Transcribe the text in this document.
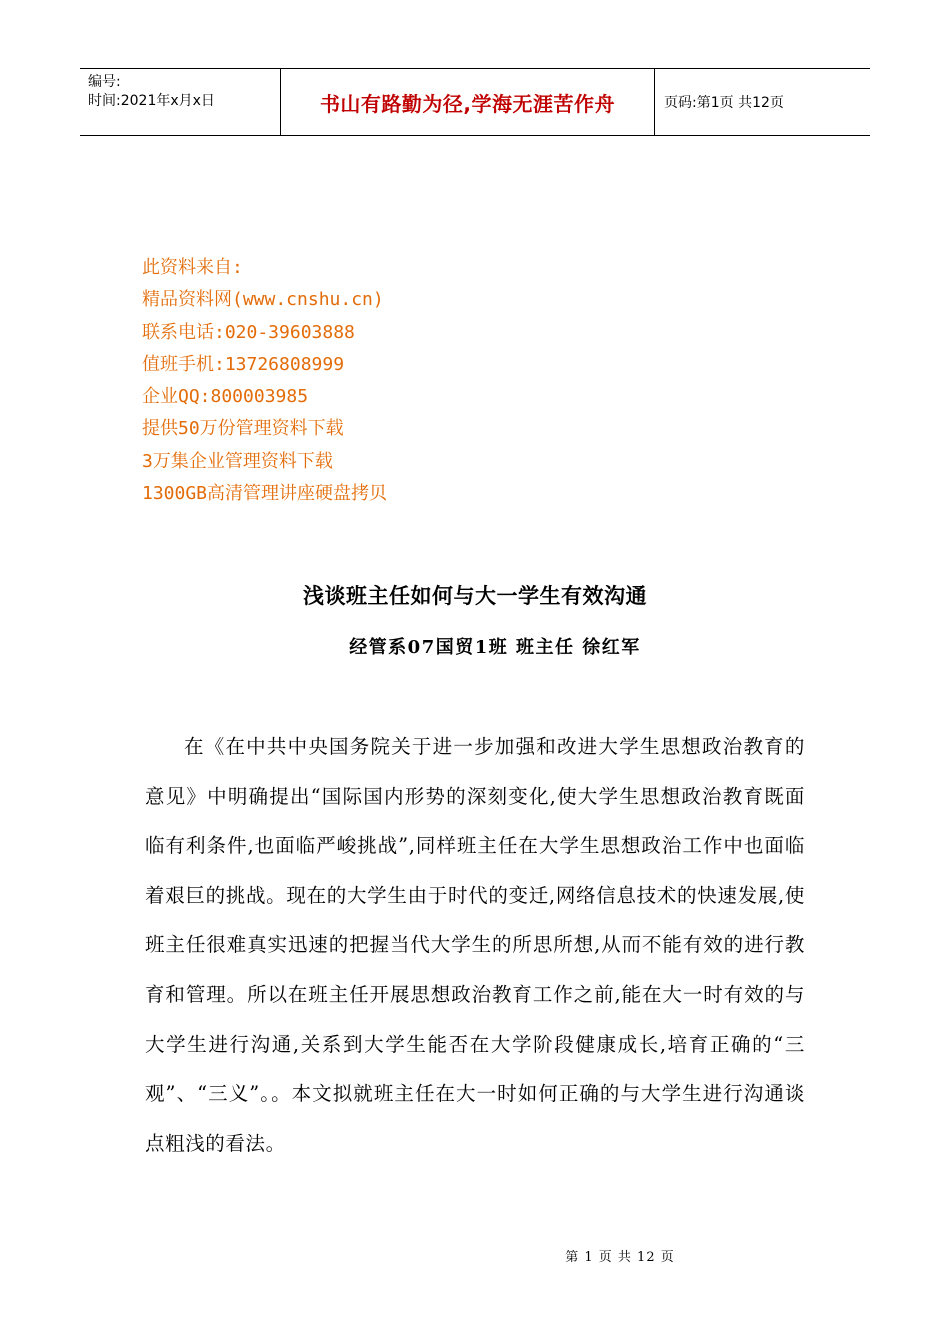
编号:
时间:2021年x月x日	书山有路勤为径,学海无涯苦作舟	页码:第1页 共12页
此资料来自:
精品资料网(www.cnshu.cn)
联系电话:020-39603888
值班手机:13726808999
企业QQ:800003985
提供50万份管理资料下载
3万集企业管理资料下载
1300GB高清管理讲座硬盘拷贝
浅谈班主任如何与大一学生有效沟通
经管系07国贸1班 班主任 徐红军
在《在中共中央国务院关于进一步加强和改进大学生思想政治教育的意见》中明确提出“国际国内形势的深刻变化,使大学生思想政治教育既面临有利条件,也面临严峻挑战”,同样班主任在大学生思想政治工作中也面临着艰巨的挑战。现在的大学生由于时代的变迁,网络信息技术的快速发展,使班主任很难真实迅速的把握当代大学生的所思所想,从而不能有效的进行教育和管理。所以在班主任开展思想政治教育工作之前,能在大一时有效的与大学生进行沟通,关系到大学生能否在大学阶段健康成长,培育正确的“三观”、“三义”。。本文拟就班主任在大一时如何正确的与大学生进行沟通谈点粗浅的看法。
第 1 页 共 12 页
